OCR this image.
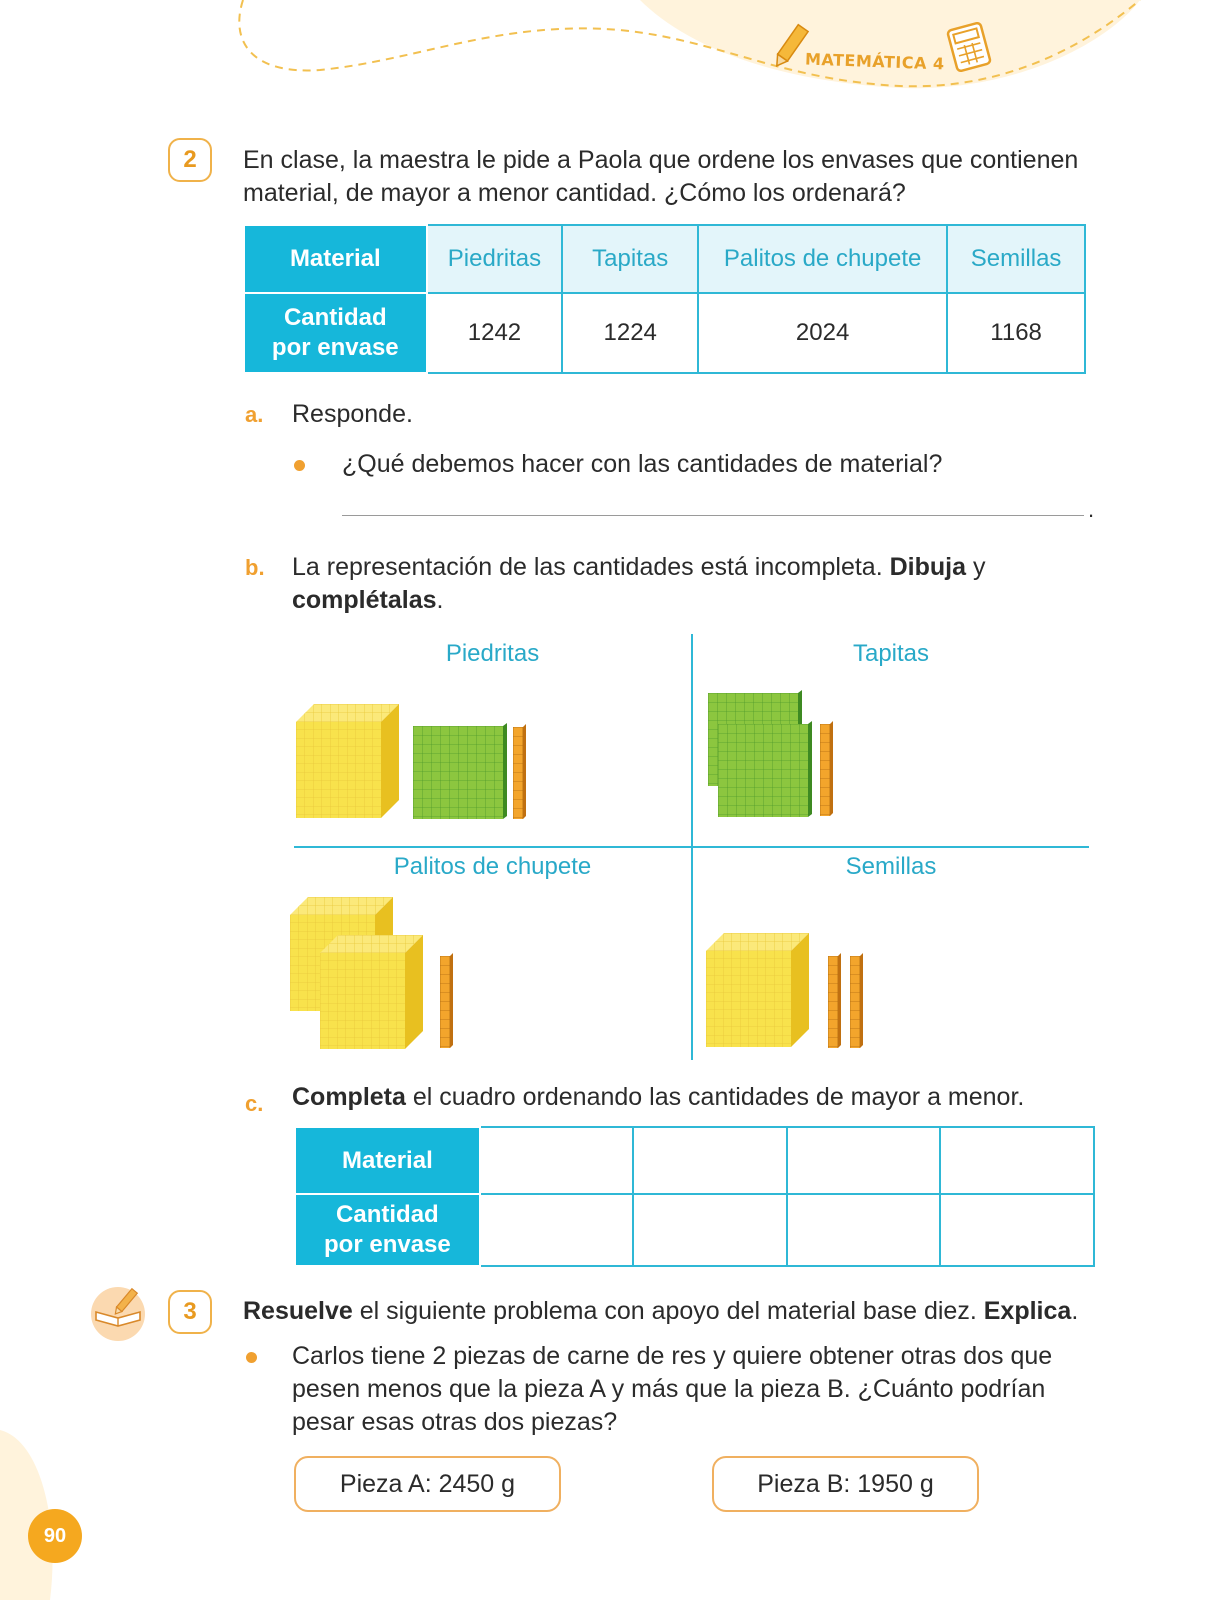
MATEMÁTICA 4
2	En clase, la maestra le pide a Paola que ordene los envases que contienen
material, de mayor a menor cantidad. ¿Cómo los ordenará?
Material	Piedritas	Tapitas	Palitos de chupete	Semillas

Cantidad
por envase	1242	1224	2024	1168
a. Responde.
¿Qué debemos hacer con las cantidades de material?
.
b. La representación de las cantidades está incompleta. Dibuja y
complétalas.
Piedritas	Tapitas
Palitos de chupete	Semillas
c. Completa el cuadro ordenando las cantidades de mayor a menor.
Material				

Cantidad
por envase				

3	Resuelve el siguiente problema con apoyo del material base diez. Explica.
Carlos tiene 2 piezas de carne de res y quiere obtener otras dos que
pesen menos que la pieza A y más que la pieza B. ¿Cuánto podrían
pesar esas otras dos piezas?
Pieza A: 2450 g	Pieza B: 1950 g
90
